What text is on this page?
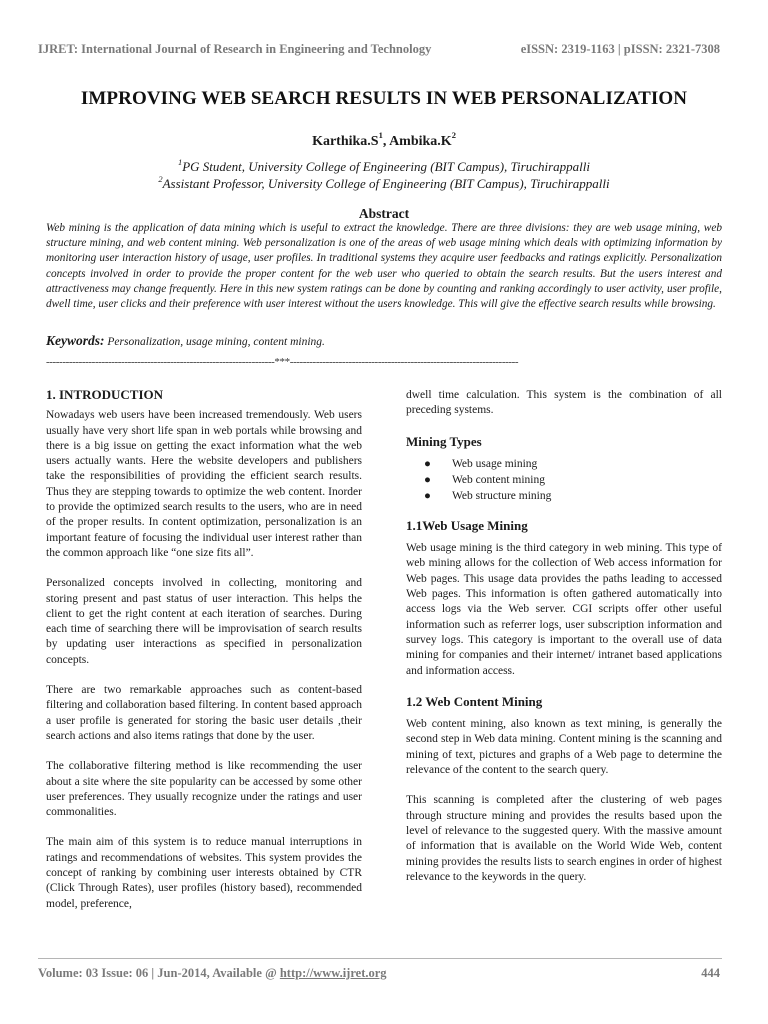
IJRET: International Journal of Research in Engineering and Technology	eISSN: 2319-1163 | pISSN: 2321-7308
IMPROVING WEB SEARCH RESULTS IN WEB PERSONALIZATION
$Karthika.S^1$, $Ambika.K^2$
$^1$PG Student, University College of Engineering (BIT Campus), Tiruchirappalli
$^2$Assistant Professor, University College of Engineering (BIT Campus), Tiruchirappalli
Abstract
Web mining is the application of data mining which is useful to extract the knowledge. There are three divisions: they are web usage mining, web structure mining, and web content mining. Web personalization is one of the areas of web usage mining which deals with optimizing information by monitoring user interaction history of usage, user profiles. In traditional systems they acquire user feedbacks and ratings explicitly. Personalization concepts involved in order to provide the proper content for the web user who queried to obtain the search results. But the users interest and attractiveness may change frequently. Here in this new system ratings can be done by counting and ranking accordingly to user activity, user profile, dwell time, user clicks and their preference with user interest without the users knowledge. This will give the effective search results while browsing.
Keywords: Personalization, usage mining, content mining.
----------------------------------------------------------------------***----------------------------------------------------------------------
1. INTRODUCTION

Nowadays web users have been increased tremendously. Web users usually have very short life span in web portals while browsing and there is a big issue on getting the exact information what the web users actually wants. Here the website developers and publishers take the responsibilities of providing the efficient search results. Thus they are stepping towards to optimize the web content. Inorder to provide the optimized search results to the users, who are in need of the proper results. In content optimization, personalization is an important feature of focusing the individual user interest rather than the common approach like “one size fits all”.

Personalized concepts involved in collecting, monitoring and storing present and past status of user interaction. This helps the client to get the right content at each iteration of searches. During each time of searching there will be improvisation of search results by updating user interactions as specified in personalization concepts.

There are two remarkable approaches such as content-based filtering and collaboration based filtering. In content based approach a user profile is generated for storing the basic user details ,their search actions and also items ratings that done by the user.

The collaborative filtering method is like recommending the user about a site where the site popularity can be accessed by some other user preferences. They usually recognize under the ratings and user commonalities.

The main aim of this system is to reduce manual interruptions in ratings and recommendations of websites. This system provides the concept of ranking by combining user interests obtained by CTR (Click Through Rates), user profiles (history based), recommended model, preference,

dwell time calculation. This system is the combination of all preceding systems.

Mining Types
● Web usage mining
● Web content mining
● Web structure mining
1.1Web Usage Mining

Web usage mining is the third category in web mining. This type of web mining allows for the collection of Web access information for Web pages. This usage data provides the paths leading to accessed Web pages. This information is often gathered automatically into access logs via the Web server. CGI scripts offer other useful information such as referrer logs, user subscription information and survey logs. This category is important to the overall use of data mining for companies and their internet/ intranet based applications and information access.

1.2 Web Content Mining

Web content mining, also known as text mining, is generally the second step in Web data mining. Content mining is the scanning and mining of text, pictures and graphs of a Web page to determine the relevance of the content to the search query.

This scanning is completed after the clustering of web pages through structure mining and provides the results based upon the level of relevance to the suggested query. With the massive amount of information that is available on the World Wide Web, content mining provides the results lists to search engines in order of highest relevance to the keywords in the query.

Volume: 03 Issue: 06 | Jun-2014, Available @ http://www.ijret.org	444
